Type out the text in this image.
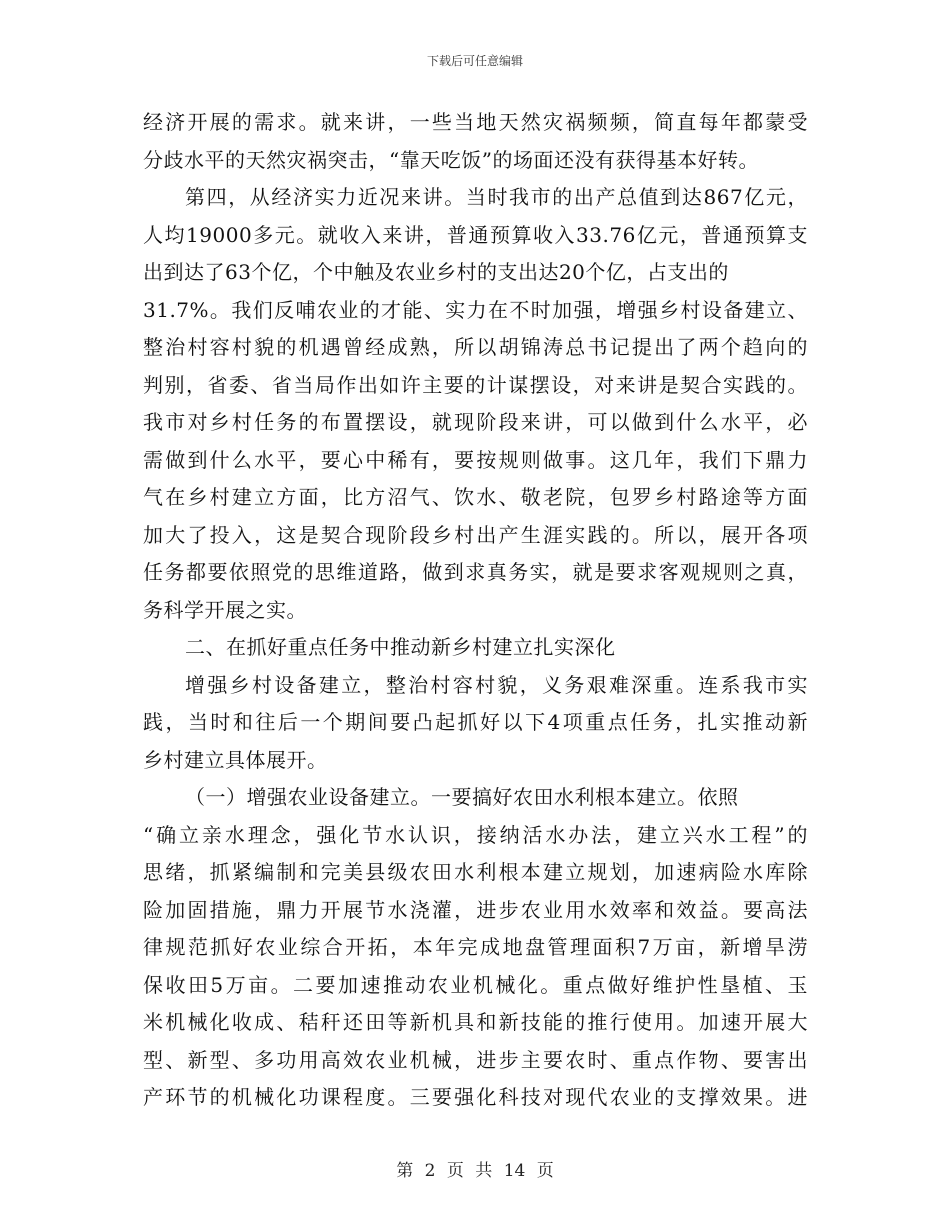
下载后可任意编辑
经济开展的需求。就来讲，一些当地天然灾祸频频，简直每年都蒙受
分歧水平的天然灾祸突击，“靠天吃饭”的场面还没有获得基本好转。
第四，从经济实力近况来讲。当时我市的出产总值到达867亿元，
人均19000多元。就收入来讲，普通预算收入33.76亿元，普通预算支
出到达了63个亿，个中触及农业乡村的支出达20个亿，占支出的
31.7%。我们反哺农业的才能、实力在不时加强，增强乡村设备建立、
整治村容村貌的机遇曾经成熟，所以胡锦涛总书记提出了两个趋向的
判别，省委、省当局作出如许主要的计谋摆设，对来讲是契合实践的。
我市对乡村任务的布置摆设，就现阶段来讲，可以做到什么水平，必
需做到什么水平，要心中稀有，要按规则做事。这几年，我们下鼎力
气在乡村建立方面，比方沼气、饮水、敬老院，包罗乡村路途等方面
加大了投入，这是契合现阶段乡村出产生涯实践的。所以，展开各项
任务都要依照党的思维道路，做到求真务实，就是要求客观规则之真，
务科学开展之实。
二、在抓好重点任务中推动新乡村建立扎实深化
增强乡村设备建立，整治村容村貌，义务艰难深重。连系我市实
践，当时和往后一个期间要凸起抓好以下4项重点任务，扎实推动新
乡村建立具体展开。
（一）增强农业设备建立。一要搞好农田水利根本建立。依照
“确立亲水理念，强化节水认识，接纳活水办法，建立兴水工程”的
思绪，抓紧编制和完美县级农田水利根本建立规划，加速病险水库除
险加固措施，鼎力开展节水浇灌，进步农业用水效率和效益。要高法
律规范抓好农业综合开拓，本年完成地盘管理面积7万亩，新增旱涝
保收田5万亩。二要加速推动农业机械化。重点做好维护性垦植、玉
米机械化收成、秸秆还田等新机具和新技能的推行使用。加速开展大
型、新型、多功用高效农业机械，进步主要农时、重点作物、要害出
产环节的机械化功课程度。三要强化科技对现代农业的支撑效果。进
第 2 页 共 14 页
